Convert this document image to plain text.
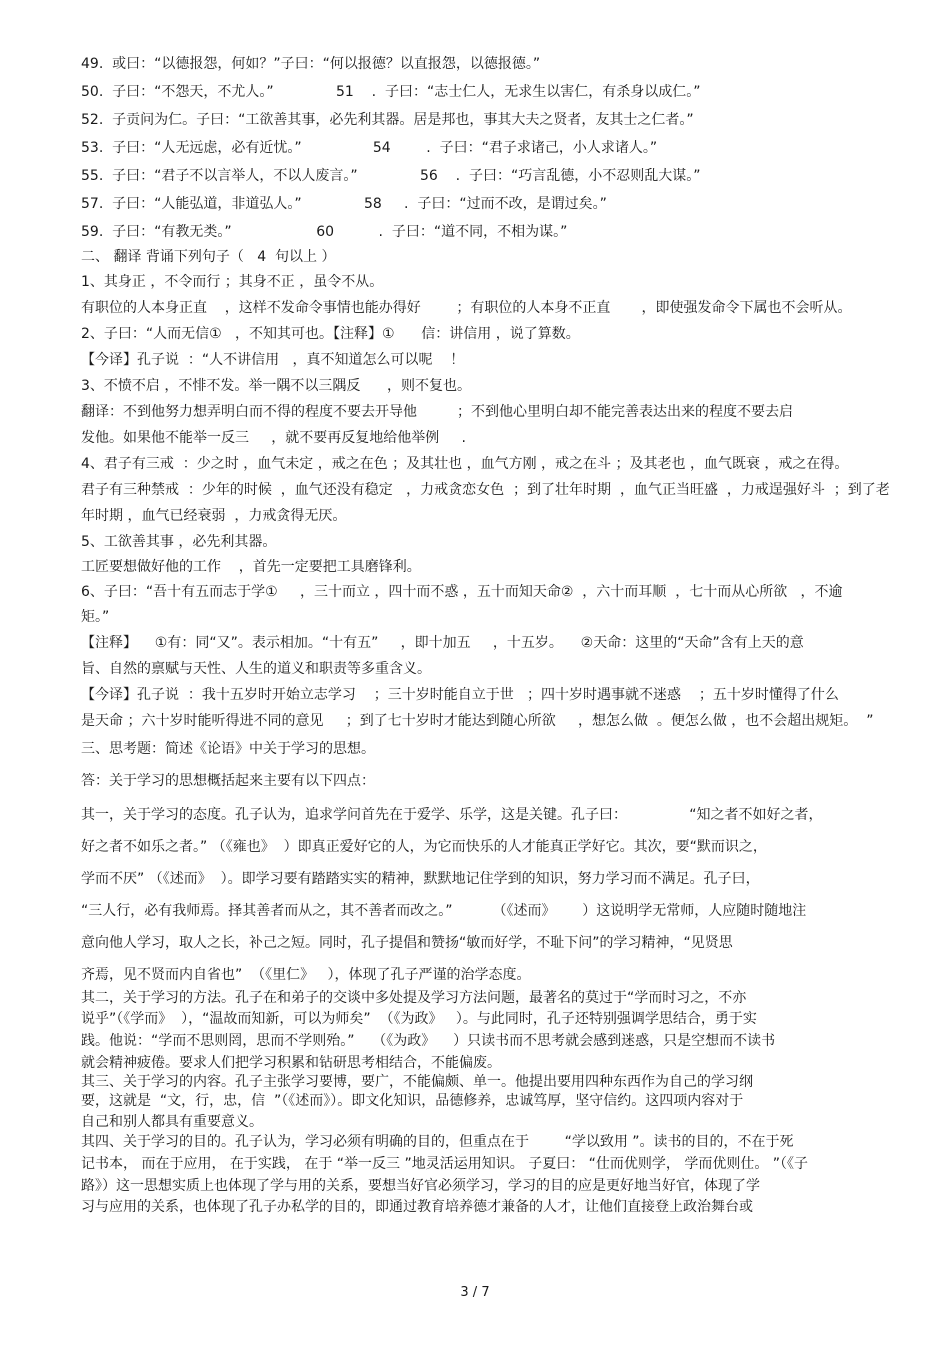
49.  或曰：“以德报怨，何如？”子曰：“何以报德？以直报怨，以德报德。”
50.  子曰：“不怨天，不尤人。”              51    .  子曰：“志士仁人，无求生以害仁，有杀身以成仁。”
52.  子贡问为仁。子曰：“工欲善其事，必先利其器。居是邦也，事其大夫之贤者，友其士之仁者。”
53.  子曰：“人无远虑，必有近忧。”                54        .  子曰：“君子求诸己，小人求诸人。”
55.  子曰：“君子不以言举人，不以人废言。”              56    .  子曰：“巧言乱德，小不忍则乱大谋。”
57.  子曰：“人能弘道，非道弘人。”              58     .  子曰：“过而不改，是谓过矣。”
59.  子曰：“有教无类。”                   60          .  子曰：“道不同，不相为谋。”
二、 翻译 背诵下列句子（   4  句以上 ）
1、其身正 ，不令而行 ；其身不正 ，虽令不从。
有职位的人本身正直    ，这样不发命令事情也能办得好        ；有职位的人本身不正直       ，即使强发命令下属也不会听从。
2、子曰：“人而无信①   ，不知其可也。【注释】①      信：讲信用 ，说了算数。
【今译】孔子说  ：“人不讲信用   ，真不知道怎么可以呢    ！
3、不愤不启 ，不悱不发。举一隅不以三隅反      ，则不复也。
翻译：不到他努力想弄明白而不得的程度不要去开导他         ；不到他心里明白却不能完善表达出来的程度不要去启
发他。如果他不能举一反三     ，就不要再反复地给他举例     .
4、君子有三戒  ：少之时 ，血气未定 ，戒之在色 ；及其壮也 ，血气方刚 ，戒之在斗 ；及其老也 ，血气既衰 ，戒之在得。
君子有三种禁戒  ：少年的时候  ，血气还没有稳定   ，力戒贪恋女色  ；到了壮年时期  ，血气正当旺盛  ，力戒逞强好斗  ；到了老
年时期 ，血气已经衰弱  ，力戒贪得无厌。
5、工欲善其事 ，必先利其器。
工匠要想做好他的工作    ，首先一定要把工具磨锋利。
6、子曰：“吾十有五而志于学①     ，三十而立 ，四十而不惑 ，五十而知天命②  ，六十而耳顺  ，七十而从心所欲   ，不逾
矩。”
【注释】    ①有：同“又”。表示相加。“十有五”     ，即十加五     ，十五岁。    ②天命：这里的“天命”含有上天的意
旨、自然的禀赋与天性、人生的道义和职责等多重含义。
【今译】孔子说  ：我十五岁时开始立志学习    ；三十岁时能自立于世   ；四十岁时遇事就不迷惑    ；五十岁时懂得了什么
是天命 ；六十岁时能听得进不同的意见     ；到了七十岁时才能达到随心所欲     ，想怎么做  。便怎么做 ，也不会超出规矩。  ”
三、思考题：简述《论语》中关于学习的思想。
答：关于学习的思想概括起来主要有以下四点：
其一，关于学习的态度。孔子认为，追求学问首先在于爱学、乐学，这是关键。孔子曰：              “知之者不如好之者，
好之者不如乐之者。” （《雍也》  ）即真正爱好它的人，为它而快乐的人才能真正学好它。其次，要“默而识之，
学而不厌” （《述而》  ）。即学习要有踏踏实实的精神，默默地记住学到的知识，努力学习而不满足。孔子曰，
“三人行，必有我师焉。择其善者而从之，其不善者而改之。”         （《述而》      ）这说明学无常师，人应随时随地注
意向他人学习，取人之长，补己之短。同时，孔子提倡和赞扬“敏而好学，不耻下问”的学习精神，“见贤思
齐焉，见不贤而内自省也”  （《里仁》   ），体现了孔子严谨的治学态度。
其二，关于学习的方法。孔子在和弟子的交谈中多处提及学习方法问题，最著名的莫过于“学而时习之，不亦
说乎”（《学而》  ），“温故而知新，可以为师矣”  （《为政》   ）。与此同时，孔子还特别强调学思结合，勇于实
践。他说：“学而不思则罔，思而不学则殆。”    （《为政》    ）只读书而不思考就会感到迷惑，只是空想而不读书
就会精神疲倦。要求人们把学习积累和钻研思考相结合，不能偏废。
其三、关于学习的内容。孔子主张学习要博，要广，不能偏颇、单一。他提出要用四种东西作为自己的学习纲
要，这就是  “文，行，忠，信  ”（《述而》）。即文化知识，品德修养，忠诚笃厚，坚守信约。这四项内容对于
自己和别人都具有重要意义。
其四、关于学习的目的。孔子认为，学习必须有明确的目的，但重点在于        “学以致用 ”。读书的目的，不在于死
记书本， 而在于应用， 在于实践， 在于 “举一反三 ”地灵活运用知识。 子夏曰： “仕而优则学， 学而优则仕。 ”（《子
路》）这一思想实质上也体现了学与用的关系，要想当好官必须学习，学习的目的应是更好地当好官，体现了学
习与应用的关系，也体现了孔子办私学的目的，即通过教育培养德才兼备的人才，让他们直接登上政治舞台或
3 / 7
